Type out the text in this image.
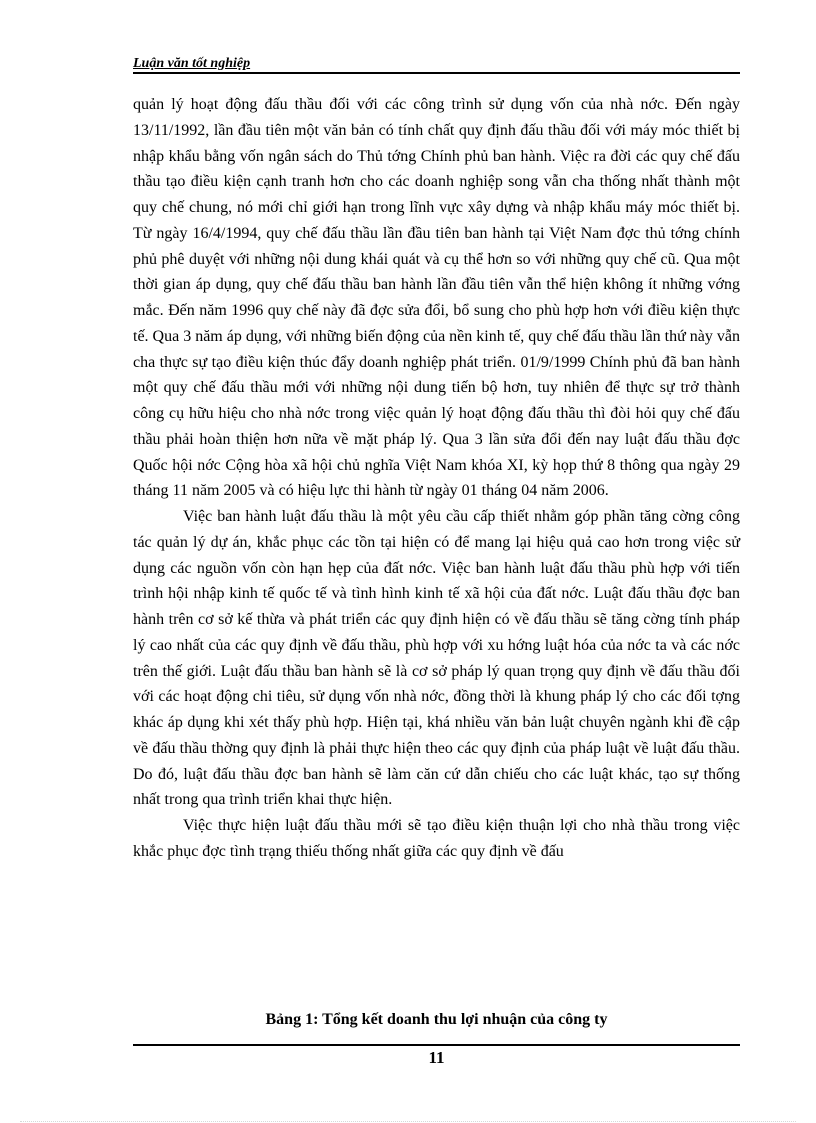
Luận văn tốt nghiệp

quản lý hoạt động đấu thầu đối với các công trình sử dụng vốn của nhà nớc. Đến ngày 13/11/1992, lần đầu tiên một văn bản có tính chất quy định đấu thầu đối với máy móc thiết bị nhập khẩu bằng vốn ngân sách do Thủ tớng Chính phủ ban hành. Việc ra đời các quy chế đấu thầu tạo điều kiện cạnh tranh hơn cho các doanh nghiệp song vẫn cha thống nhất thành một quy chế chung, nó mới chỉ giới hạn trong lĩnh vực xây dựng và nhập khẩu máy móc thiết bị. Từ ngày 16/4/1994, quy chế đấu thầu lần đầu tiên ban hành tại Việt Nam đợc thủ tớng chính phủ phê duyệt với những nội dung khái quát và cụ thể hơn so với những quy chế cũ. Qua một thời gian áp dụng, quy chế đấu thầu ban hành lần đầu tiên vẫn thể hiện không ít những vớng mắc. Đến năm 1996 quy chế này đã đợc sửa đổi, bổ sung cho phù hợp hơn với điều kiện thực tế. Qua 3 năm áp dụng, với những biến động của nền kinh tế, quy chế đấu thầu lần thứ này vẫn cha thực sự tạo điều kiện thúc đẩy doanh nghiệp phát triển. 01/9/1999 Chính phủ đã ban hành một quy chế đấu thầu mới với những nội dung tiến bộ hơn, tuy nhiên để thực sự trở thành công cụ hữu hiệu cho nhà nớc trong việc quản lý hoạt động đấu thầu thì đòi hỏi quy chế đấu thầu phải hoàn thiện hơn nữa về mặt pháp lý. Qua 3 lần sửa đổi đến nay luật đấu thầu đợc Quốc hội nớc Cộng hòa xã hội chủ nghĩa Việt Nam khóa XI, kỳ họp thứ 8 thông qua ngày 29 tháng 11 năm 2005 và có hiệu lực thi hành từ ngày 01 tháng 04 năm 2006.

Việc ban hành luật đấu thầu là một yêu cầu cấp thiết nhằm góp phần tăng cờng công tác quản lý dự án, khắc phục các tồn tại hiện có để mang lại hiệu quả cao hơn trong việc sử dụng các nguồn vốn còn hạn hẹp của đất nớc. Việc ban hành luật đấu thầu phù hợp với tiến trình hội nhập kinh tế quốc tế và tình hình kinh tế xã hội của đất nớc. Luật đấu thầu đợc ban hành trên cơ sở kế thừa và phát triển các quy định hiện có về đấu thầu sẽ tăng cờng tính pháp lý cao nhất của các quy định về đấu thầu, phù hợp với xu hớng luật hóa của nớc ta và các nớc trên thế giới. Luật đấu thầu ban hành sẽ là cơ sở pháp lý quan trọng quy định về đấu thầu đối với các hoạt động chi tiêu, sử dụng vốn nhà nớc, đồng thời là khung pháp lý cho các đối tợng khác áp dụng khi xét thấy phù hợp. Hiện tại, khá nhiều văn bản luật chuyên ngành khi đề cập về đấu thầu thờng quy định là phải thực hiện theo các quy định của pháp luật về luật đấu thầu. Do đó, luật đấu thầu đợc ban hành sẽ làm căn cứ dẫn chiếu cho các luật khác, tạo sự thống nhất trong qua trình triển khai thực hiện.

Việc thực hiện luật đấu thầu mới sẽ tạo điều kiện thuận lợi cho nhà thầu trong việc khắc phục đợc tình trạng thiếu thống nhất giữa các quy định về đấu

Bảng 1: Tổng kết doanh thu lợi nhuận của công ty
11
